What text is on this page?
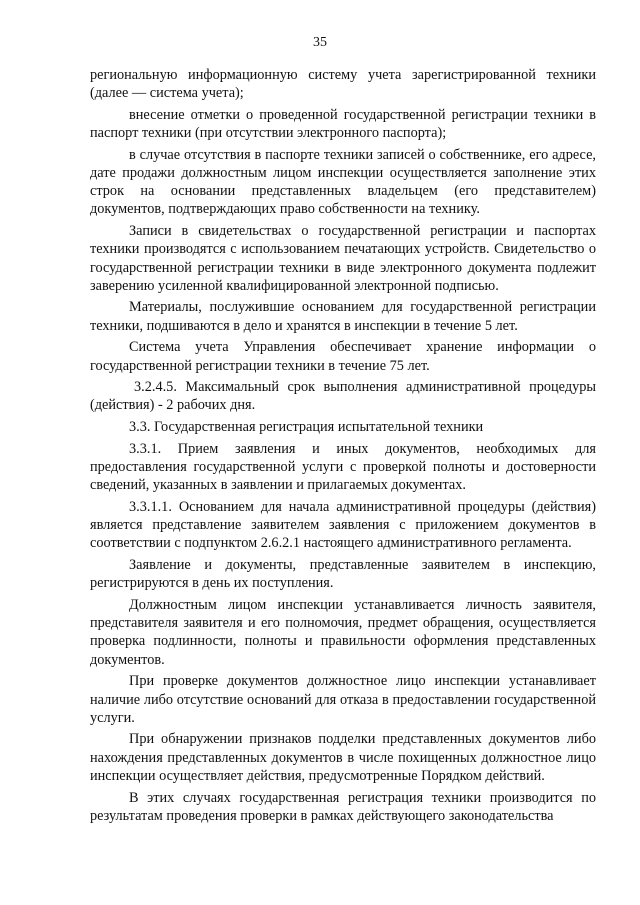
35

региональную информационную систему учета зарегистрированной техники (далее — система учета);

внесение отметки о проведенной государственной регистрации техники в паспорт техники (при отсутствии электронного паспорта);

в случае отсутствия в паспорте техники записей о собственнике, его адресе, дате продажи должностным лицом инспекции осуществляется заполнение этих строк на основании представленных владельцем (его представителем) документов, подтверждающих право собственности на технику.

Записи в свидетельствах о государственной регистрации и паспортах техники производятся с использованием печатающих устройств. Свидетельство о государственной регистрации техники в виде электронного документа подлежит заверению усиленной квалифицированной электронной подписью.

Материалы, послужившие основанием для государственной регистрации техники, подшиваются в дело и хранятся в инспекции в течение 5 лет.

Система учета Управления обеспечивает хранение информации о государственной регистрации техники в течение 75 лет.

3.2.4.5. Максимальный срок выполнения административной процедуры (действия) - 2 рабочих дня.

3.3. Государственная регистрация испытательной техники

3.3.1. Прием заявления и иных документов, необходимых для предоставления государственной услуги с проверкой полноты и достоверности сведений, указанных в заявлении и прилагаемых документах.

3.3.1.1. Основанием для начала административной процедуры (действия) является представление заявителем заявления с приложением документов в соответствии с подпунктом 2.6.2.1 настоящего административного регламента.

Заявление и документы, представленные заявителем в инспекцию, регистрируются в день их поступления.

Должностным лицом инспекции устанавливается личность заявителя, представителя заявителя и его полномочия, предмет обращения, осуществляется проверка подлинности, полноты и правильности оформления представленных документов.

При проверке документов должностное лицо инспекции устанавливает наличие либо отсутствие оснований для отказа в предоставлении государственной услуги.

При обнаружении признаков подделки представленных документов либо нахождения представленных документов в числе похищенных должностное лицо инспекции осуществляет действия, предусмотренные Порядком действий.

В этих случаях государственная регистрация техники производится по результатам проведения проверки в рамках действующего законодательства
